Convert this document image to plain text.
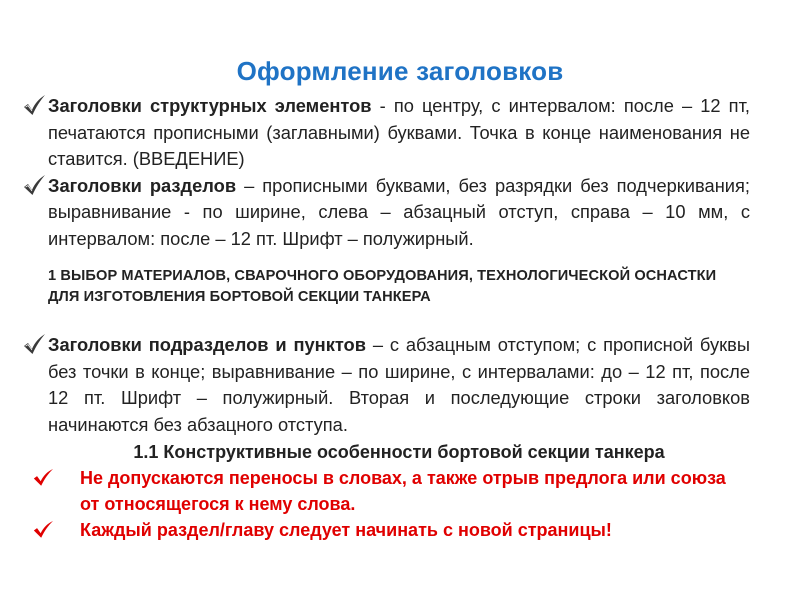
Оформление заголовков
Заголовки структурных элементов - по центру, с интервалом: после – 12 пт, печатаются прописными (заглавными) буквами. Точка в конце наименования не ставится. (ВВЕДЕНИЕ)
Заголовки разделов – прописными буквами, без разрядки без подчеркивания; выравнивание - по ширине, слева – абзацный отступ, справа – 10 мм, с интервалом: после – 12 пт. Шрифт – полужирный.
1 ВЫБОР МАТЕРИАЛОВ, СВАРОЧНОГО ОБОРУДОВАНИЯ, ТЕХНОЛОГИЧЕСКОЙ ОСНАСТКИ ДЛЯ ИЗГОТОВЛЕНИЯ БОРТОВОЙ СЕКЦИИ ТАНКЕРА
Заголовки подразделов и пунктов – с абзацным отступом; с прописной буквы без точки в конце; выравнивание – по ширине, с интервалами: до – 12 пт, после 12 пт. Шрифт – полужирный. Вторая и последующие строки заголовков начинаются без абзацного отступа.
1.1 Конструктивные особенности бортовой секции танкера
Не допускаются переносы в словах, а также отрыв предлога или союза от относящегося к нему слова.
Каждый раздел/главу следует начинать с новой страницы!
